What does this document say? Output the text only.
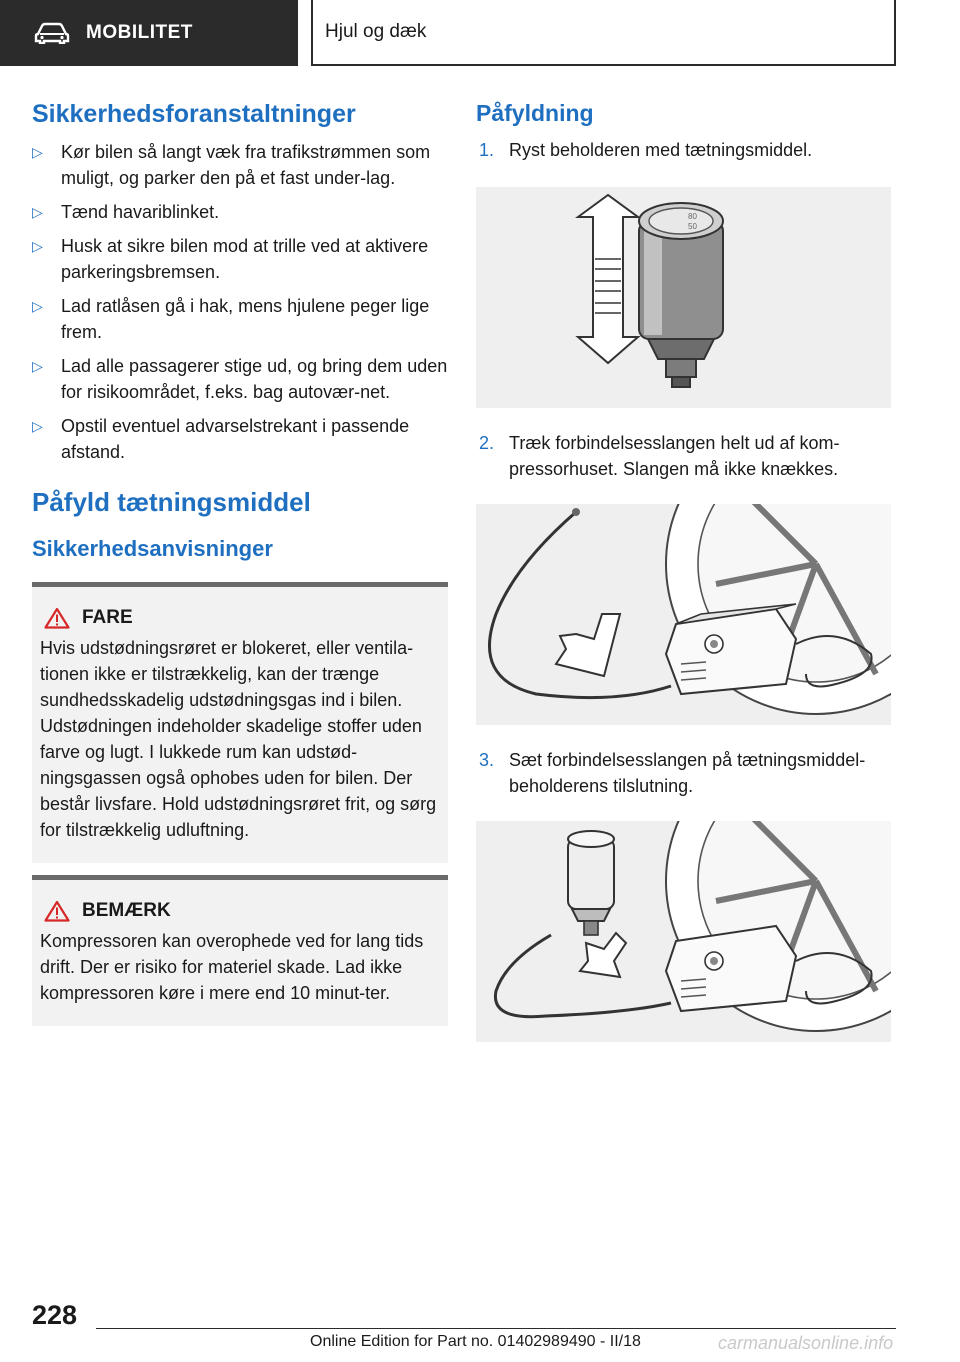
MOBILITET	Hjul og dæk
Sikkerhedsforanstaltninger
▷ Kør bilen så langt væk fra trafikstrømmen som muligt, og parker den på et fast under-lag.
▷ Tænd havariblinket.
▷ Husk at sikre bilen mod at trille ved at aktivere parkeringsbremsen.
▷ Lad ratlåsen gå i hak, mens hjulene peger lige frem.
▷ Lad alle passagerer stige ud, og bring dem uden for risikoområdet, f.eks. bag autovær-net.
▷ Opstil eventuel advarselstrekant i passende afstand.
Påfyld tætningsmiddel
Sikkerhedsanvisninger
FARE

Hvis udstødningsrøret er blokeret, eller ventila-tionen ikke er tilstrækkelig, kan der trænge sundhedsskadelig udstødningsgas ind i bilen. Udstødningen indeholder skadelige stoffer uden farve og lugt. I lukkede rum kan udstød-ningsgassen også ophobes uden for bilen. Der består livsfare. Hold udstødningsrøret frit, og sørg for tilstrækkelig udluftning.

BEMÆRK

Kompressoren kan overophede ved for lang tids drift. Der er risiko for materiel skade. Lad ikke kompressoren køre i mere end 10 minut-ter.

Påfyldning
1. Ryst beholderen med tætningsmiddel.
80
50
2. Træk forbindelsesslangen helt ud af kom-pressorhuset. Slangen må ikke knækkes.
3. Sæt forbindelsesslangen på tætningsmiddel-beholderens tilslutning.
228
Online Edition for Part no. 01402989490 - II/18	carmanualsonline.info
